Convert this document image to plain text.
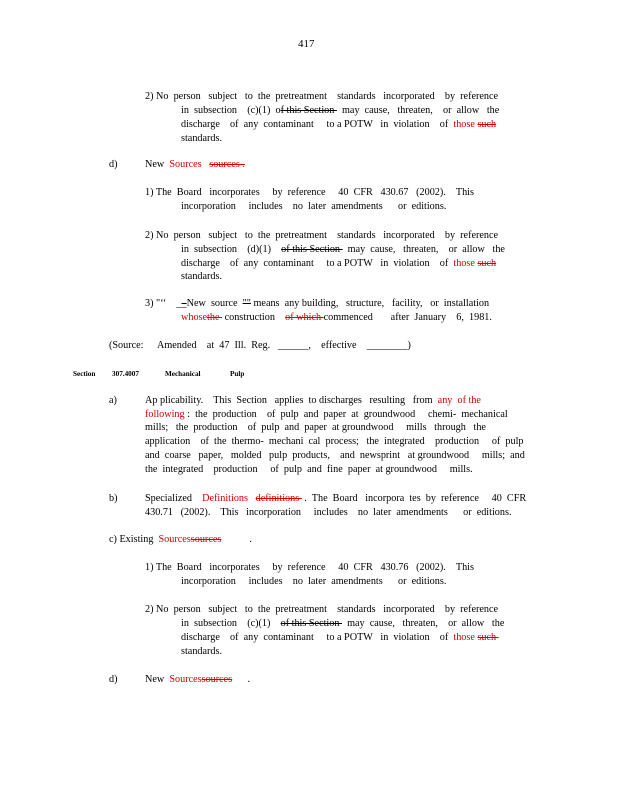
417
2) No  person   subject   to  the  pretreatment    standards   incorporated    by  reference
in  subsection    (c)(1)  of this Section   may  cause,   threaten,    or  allow   the
discharge    of  any  contaminant     to a POTW   in  violation    of  those such
standards.
d)	New  Sources sources .
1) The  Board   incorporates     by  reference     40  CFR   430.67   (2002).    This
incorporation     includes    no  later  amendments      or  editions.
2) No  person   subject   to  the  pretreatment    standards   incorporated    by  reference
in  subsection    (d)(1)    of this Section   may  cause,   threaten,    or  allow   the
discharge    of  any  contaminant     to a POTW   in  violation    of  those such
standards.
3) "‘‘    __New  source  "" means  any building,   structure,   facility,   or  installation
whosethe  construction    of which commenced       after  January    6,  1981.
(Source: Amended    at  47  Ill.  Reg.   ______,    effective    ________)
Section 307.4007	Mechanical	Pulp
a)	Ap plicability.    This  Section   applies  to discharges   resulting   from  any  of the
following :  the  production    of  pulp  and  paper  at  groundwood     chemi-  mechanical
mills;   the  production    of  pulp  and  paper  at groundwood     mills   through   the
application    of  the  thermo-  mechani  cal  process;   the  integrated    production     of  pulp
and  coarse   paper,   molded   pulp  products,    and  newsprint   at groundwood     mills;  and
the  integrated    production     of  pulp  and  fine  paper  at groundwood     mills.
b)	Specialized    Definitions definitions  .  The  Board   incorpora  tes  by  reference     40  CFR
430.71   (2002).    This   incorporation     includes    no  later  amendments      or  editions.
c) Existing  Sourcessources	.
1) The  Board   incorporates     by  reference     40  CFR   430.76   (2002).    This
incorporation     includes    no  later  amendments      or  editions.
2) No  person   subject   to  the  pretreatment    standards   incorporated    by  reference
in  subsection    (c)(1)    of this Section   may  cause,   threaten,    or  allow   the
discharge    of  any  contaminant     to a POTW   in  violation    of  those such
standards.
d)	New  Sourcessources .
